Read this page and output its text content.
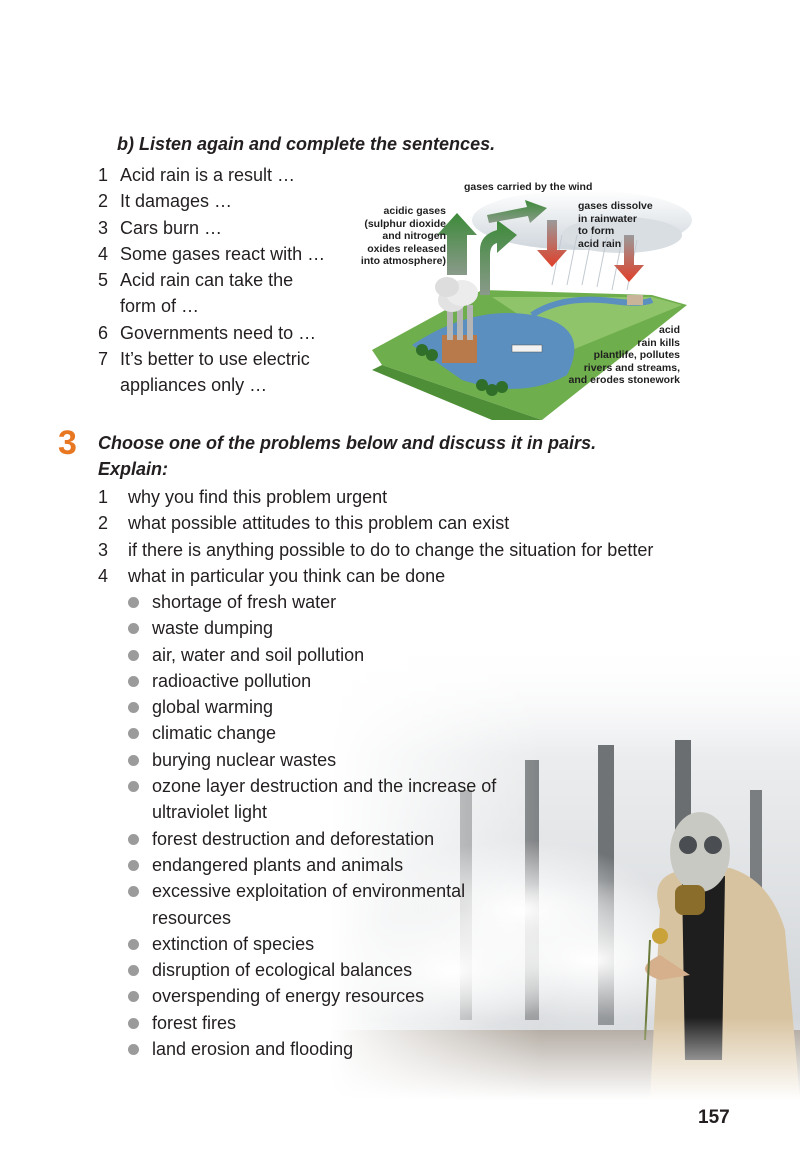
b) Listen again and complete the sentences.
1 Acid rain is a result …
2 It damages …
3 Cars burn …
4 Some gases react with …
5 Acid rain can take the
form of …
6 Governments need to …
7 It’s better to use electric
appliances only …
gases carried by the wind
acidic gases
(sulphur dioxide
and nitrogen
oxides released
into atmosphere)
gases dissolve
in rainwater
to form
acid rain
acid
rain kills
plantlife, pollutes
rivers and streams,
and erodes stonework
3 Choose one of the problems below and discuss it in pairs.
Explain:
1 why you find this problem urgent
2 what possible attitudes to this problem can exist
3 if there is anything possible to do to change the situation for better
4 what in particular you think can be done
shortage of fresh water
waste dumping
air, water and soil pollution
radioactive pollution
global warming
climatic change
burying nuclear wastes
ozone layer destruction and the increase of
ultraviolet light
forest destruction and deforestation
endangered plants and animals
excessive exploitation of environmental
resources
extinction of species
disruption of ecological balances
overspending of energy resources
forest fires
land erosion and flooding
157
